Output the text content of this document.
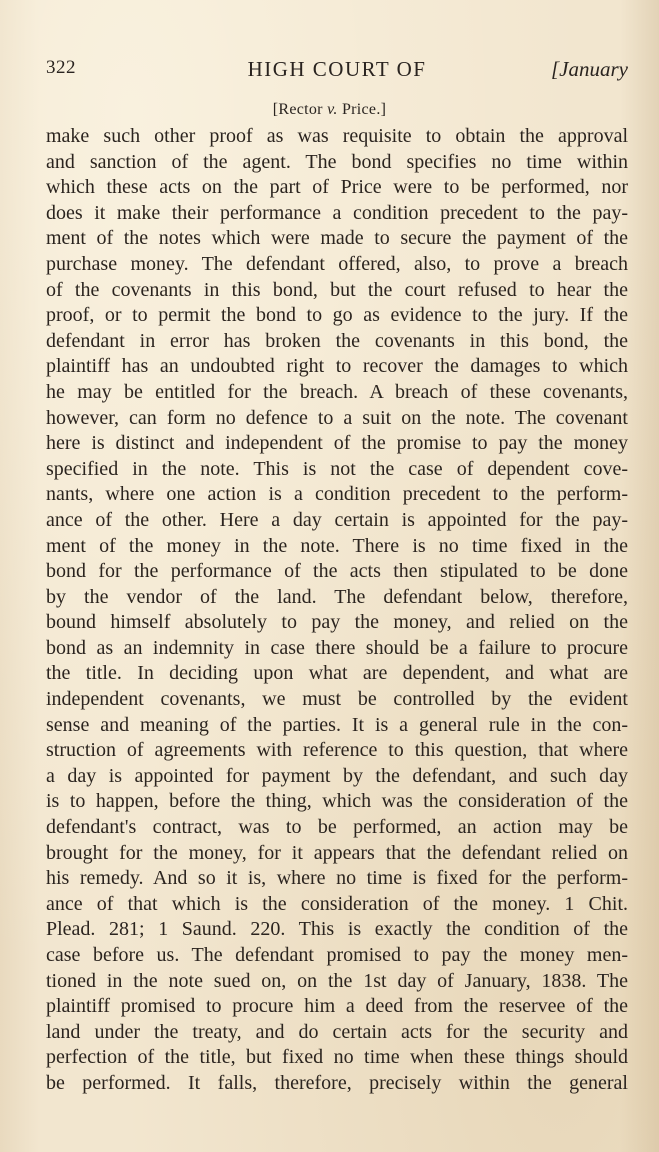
322	HIGH COURT OF	[January
[Rector v. Price.]
make such other proof as was requisite to obtain the approval
and sanction of the agent. The bond specifies no time within
which these acts on the part of Price were to be performed, nor
does it make their performance a condition precedent to the pay-
ment of the notes which were made to secure the payment of the
purchase money. The defendant offered, also, to prove a breach
of the covenants in this bond, but the court refused to hear the
proof, or to permit the bond to go as evidence to the jury. If the
defendant in error has broken the covenants in this bond, the
plaintiff has an undoubted right to recover the damages to which
he may be entitled for the breach. A breach of these covenants,
however, can form no defence to a suit on the note. The covenant
here is distinct and independent of the promise to pay the money
specified in the note. This is not the case of dependent cove-
nants, where one action is a condition precedent to the perform-
ance of the other. Here a day certain is appointed for the pay-
ment of the money in the note. There is no time fixed in the
bond for the performance of the acts then stipulated to be done
by the vendor of the land. The defendant below, therefore,
bound himself absolutely to pay the money, and relied on the
bond as an indemnity in case there should be a failure to procure
the title. In deciding upon what are dependent, and what are
independent covenants, we must be controlled by the evident
sense and meaning of the parties. It is a general rule in the con-
struction of agreements with reference to this question, that where
a day is appointed for payment by the defendant, and such day
is to happen, before the thing, which was the consideration of the
defendant's contract, was to be performed, an action may be
brought for the money, for it appears that the defendant relied on
his remedy. And so it is, where no time is fixed for the perform-
ance of that which is the consideration of the money. 1 Chit.
Plead. 281; 1 Saund. 220. This is exactly the condition of the
case before us. The defendant promised to pay the money men-
tioned in the note sued on, on the 1st day of January, 1838. The
plaintiff promised to procure him a deed from the reservee of the
land under the treaty, and do certain acts for the security and
perfection of the title, but fixed no time when these things should
be performed. It falls, therefore, precisely within the general
